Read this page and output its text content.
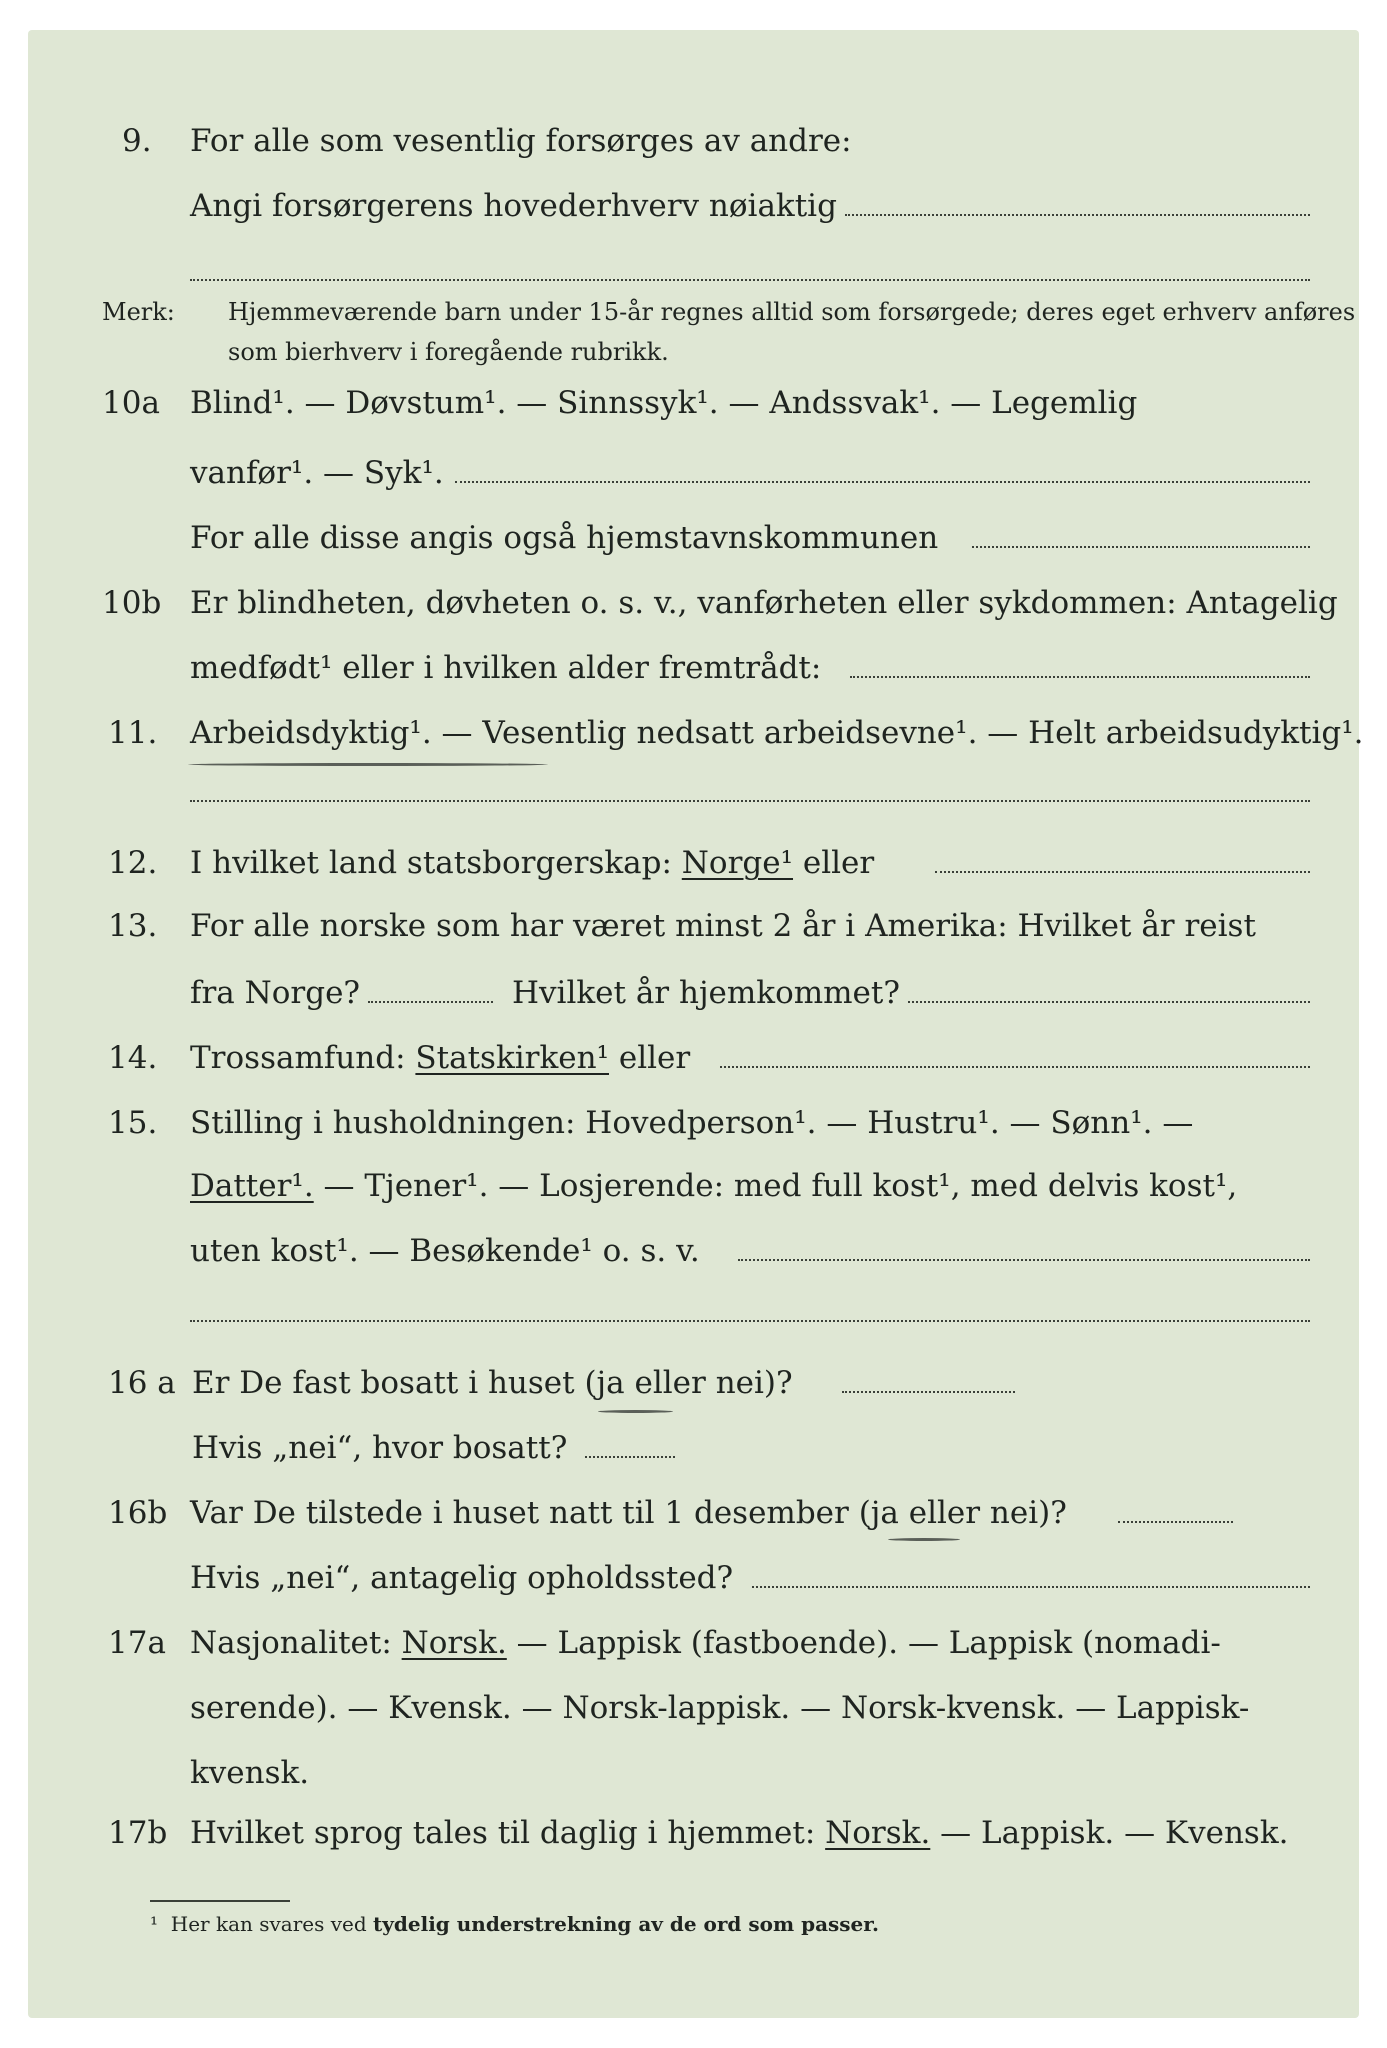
9. For alle som vesentlig forsørges av andre:
Angi forsørgerens hovederhverv nøiaktig
Merk: Hjemmeværende barn under 15-år regnes alltid som forsørgede; deres eget erhverv anføres som bierhverv i foregående rubrikk.
10a Blind¹. — Døvstum¹. — Sinnssyk¹. — Andssvak¹. — Legemlig
vanfør¹. — Syk¹.
For alle disse angis også hjemstavnskommunen
10b Er blindheten, døvheten o. s. v., vanførheten eller sykdommen: Antagelig
medfødt¹ eller i hvilken alder fremtrådt:
11. Arbeidsdyktig¹. — Vesentlig nedsatt arbeidsevne¹. — Helt arbeidsudyktig¹.
12. I hvilket land statsborgerskap: Norge¹ eller
13. For alle norske som har været minst 2 år i Amerika: Hvilket år reist
fra Norge?	Hvilket år hjemkommet?
14. Trossamfund: Statskirken¹ eller
15. Stilling i husholdningen: Hovedperson¹. — Hustru¹. — Sønn¹. —
Datter¹. — Tjener¹. — Losjerende: med full kost¹, med delvis kost¹,
uten kost¹. — Besøkende¹ o. s. v.
16 a Er De fast bosatt i huset (ja eller nei)?
Hvis „nei“, hvor bosatt?
16b Var De tilstede i huset natt til 1 desember (ja eller nei)?
Hvis „nei“, antagelig opholdssted?
17a Nasjonalitet: Norsk. — Lappisk (fastboende). — Lappisk (nomadi-
serende). — Kvensk. — Norsk-lappisk. — Norsk-kvensk. — Lappisk-
kvensk.
17b Hvilket sprog tales til daglig i hjemmet: Norsk. — Lappisk. — Kvensk.
¹ Her kan svares ved tydelig understrekning av de ord som passer.
